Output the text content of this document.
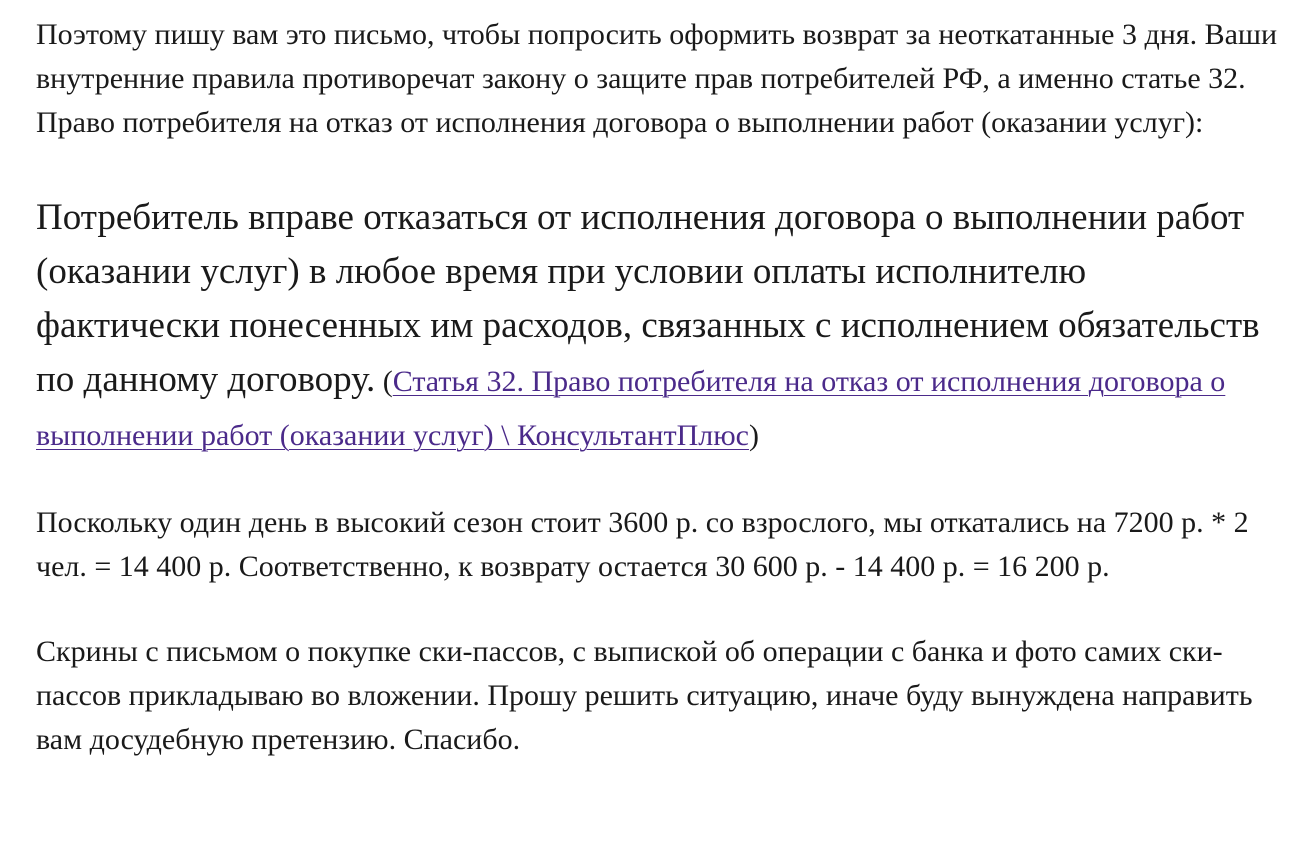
Поэтому пишу вам это письмо, чтобы попросить оформить возврат за неоткатанные 3 дня. Ваши внутренние правила противоречат закону о защите прав потребителей РФ, а именно статье 32. Право потребителя на отказ от исполнения договора о выполнении работ (оказании услуг):

Потребитель вправе отказаться от исполнения договора о выполнении работ (оказании услуг) в любое время при условии оплаты исполнителю фактически понесенных им расходов, связанных с исполнением обязательств по данному договору. (Статья 32. Право потребителя на отказ от исполнения договора о выполнении работ (оказании услуг) \ КонсультантПлюс)

Поскольку один день в высокий сезон стоит 3600 р. со взрослого, мы откатались на 7200 р. * 2 чел. = 14 400 р. Соответственно, к возврату остается 30 600 р. - 14 400 р. = 16 200 р.

Скрины с письмом о покупке ски-пассов, с выпиской об операции с банка и фото самих ски-пассов прикладываю во вложении. Прошу решить ситуацию, иначе буду вынуждена направить вам досудебную претензию. Спасибо.
